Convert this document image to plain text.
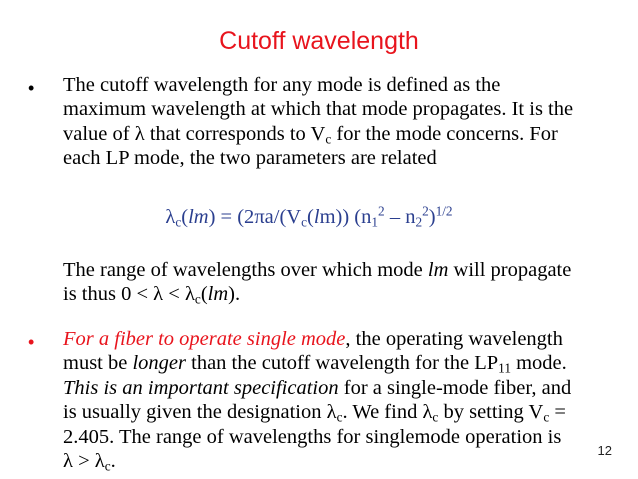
Cutoff wavelength
• The cutoff wavelength for any mode is defined as the
maximum wavelength at which that mode propagates. It is the
value of λ that corresponds to $V_c$ for the mode concerns. For
each LP mode, the two parameters are related
$\lambda_c(lm) = (2\pi a/(V_c(lm))$ $(n_1^2 - n_2^2)^{1/2}$
The range of wavelengths over which mode lm will propagate
is thus $0 < \lambda < \lambda_c(lm)$.
• For a fiber to operate single mode, the operating wavelength
must be longer than the cutoff wavelength for the $LP_{11}$ mode.
This is an important specification for a single-mode fiber, and
is usually given the designation $\lambda_c$. We find $\lambda_c$ by setting $V_c$ =
2.405. The range of wavelengths for singlemode operation is
$\lambda > \lambda_c$.	12
